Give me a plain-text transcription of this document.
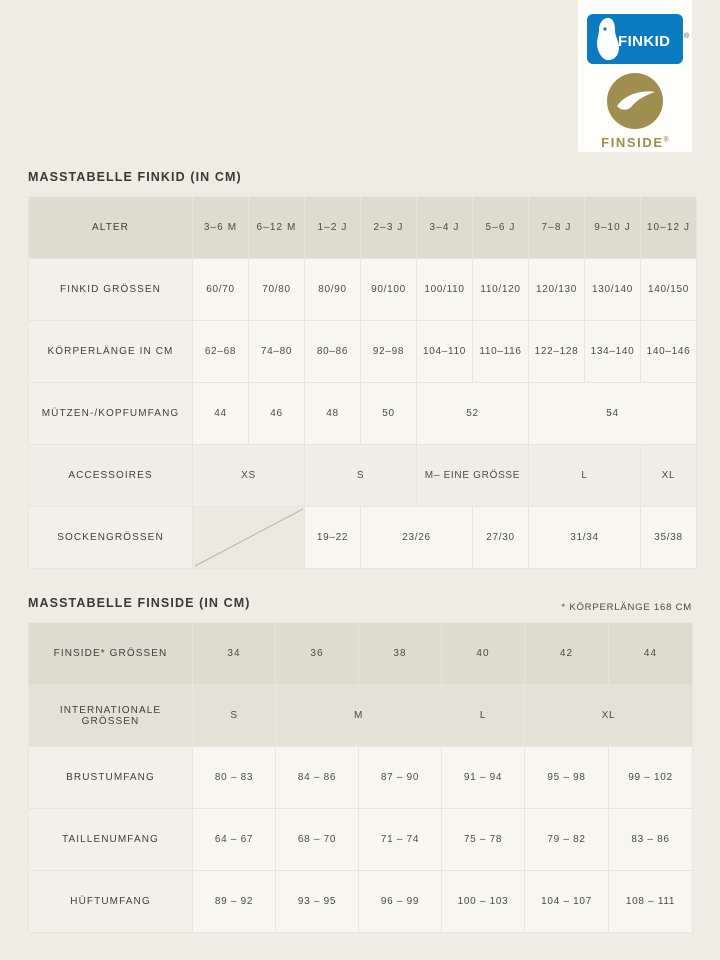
FINKID ®
FINSIDE®
MASSTABELLE FINKID (IN CM)
ALTER	3–6 M	6–12 M	1–2 J	2–3 J	3–4 J	5–6 J	7–8 J	9–10 J	10–12 J
FINKID GRÖSSEN	60/70	70/80	80/90	90/100	100/110	110/120	120/130	130/140	140/150
KÖRPERLÄNGE IN CM	62–68	74–80	80–86	92–98	104–110	110–116	122–128	134–140	140–146
MÜTZEN-/KOPFUMFANG	44	46	48	50	52		54		
ACCESSOIRES	XS		S		M– EINE GRÖSSE		L		XL
SOCKENGRÖSSEN			19–22	23/26		27/30	31/34		35/38
MASSTABELLE FINSIDE (IN CM)	* KÖRPERLÄNGE 168 CM
FINSIDE* GRÖSSEN	34	36	38	40	42	44
INTERNATIONALE GRÖSSEN	S	M		L	XL	
BRUSTUMFANG	80 – 83	84 – 86	87 – 90	91 – 94	95 – 98	99 – 102
TAILLENUMFANG	64 – 67	68 – 70	71 – 74	75 – 78	79 – 82	83 – 86
HÜFTUMFANG	89 – 92	93 – 95	96 – 99	100 – 103	104 – 107	108 – 111
